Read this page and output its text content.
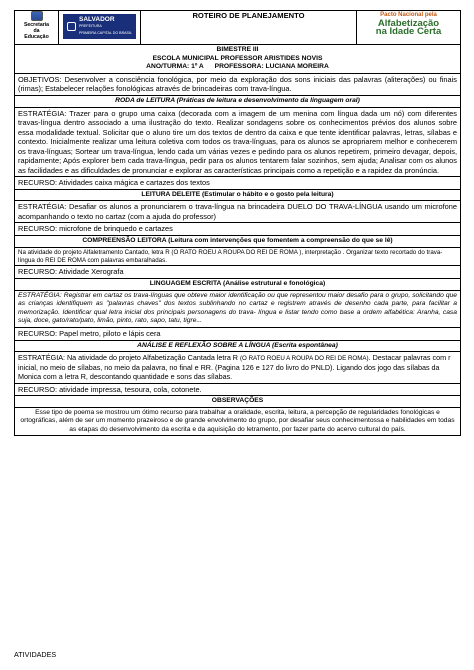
Secretaria
da
Educação

SALVADOR
PREFEITURA
PRIMEIRA CAPITAL DO BRASIL

ROTEIRO DE PLANEJAMENTO	Pacto Nacional pela
Alfabetização
na Idade Certa

BIMESTRE III
ESCOLA MUNICIPAL PROFESSOR ARISTIDES NOVIS
ANO/TURMA: 1º A      PROFESSORA: LUCIANA MOREIRA

OBJETIVOS: Desenvolver a consciência fonológica, por meio da exploração dos sons iniciais das palavras (aliterações) ou finais (rimas); Estabelecer relações fonológicas através de brincadeiras com trava-língua.
RODA de LEITURA (Práticas de leitura e desenvolvimento da linguagem oral)
ESTRATÉGIA: Trazer para o grupo uma caixa (decorada com a imagem de um menina com língua dada um nó) com diferentes travas-língua dentro associado a uma ilustração do texto. Realizar sondagens sobre os conhecimentos prévios dos alunos sobre essa modalidade textual. Solicitar que o aluno tire um dos textos de dentro da caixa e que tente identificar palavras, letras, sílabas e contexto. Inicialmente realizar uma leitura coletiva com todos os trava-línguas, para os alunos se apropriarem melhor e conhecerem os trava-línguas; Sortear um trava-língua, lendo cada um várias vezes e pedindo para os alunos repetirem, primeiro devagar, depois, rapidamente; Após explorer bem cada trava-língua, pedir para os alunos tentarem falar sozinhos, sem ajuda; Analisar com os alunos as facilidades e as dificuldades de pronunciar e explorar as características principais como a repetição e a rapidez da pronúncia.
RECURSO: Atividades caixa mágica e cartazes dos textos
LEITURA DELEITE (Estimular o hábito e o gosto pela leitura)
ESTRATÉGIA: Desafiar os alunos a pronunciarem o trava-língua na brincadeira DUELO DO TRAVA-LÍNGUA usando um microfone acompanhando o texto no cartaz (com a ajuda do professor)
RECURSO: microfone de brinquedo e cartazes
COMPREENSÃO LEITORA (Leitura com intervenções que fomentem a compreensão do que se lê)
Na atividade do projeto Alfaletramento Cantado, letra R (O RATO ROEU A ROUPA DO REI DE ROMA ), interpretação . Organizar texto recortado do trava-língua do REI DE ROMA com palavras embaralhadas.
RECURSO: Atividade Xerografa
LINGUAGEM ESCRITA (Análise estrutural e fonológica)
ESTRATÉGIA: Registrar em cartaz os trava-línguas que obteve maior identificação ou que representou maior desafio para o grupo, solicitando que as crianças identifiquem as "palavras chaves" dos textos sublinhando no cartaz e registrem através de desenho cada parte, para facilitar a memorização. Identificar qual letra inicial dos principais personagens do trava- língua e listar tendo como base a ordem alfabética: Aranha, casa suja, doce, gato/rato/pato, limão, pinto, rato, sapo, tatu, tigre...
RECURSO: Papel metro, piloto e lápis cera
ANÁLISE E REFLEXÃO SOBRE A LÍNGUA (Escrita espontânea)
ESTRATÉGIA: Na atividade do projeto Alfabetização Cantada letra R (O RATO ROEU A ROUPA DO REI DE ROMA). Destacar palavras com r inicial, no meio de sílabas, no meio da palavra, no final e RR. (Pagina 126 e 127 do livro do PNLD). Ligando dos jogo das sílabas da Monica com a letra R, descontando quantidade e sons das sílabas.
RECURSO: atividade impressa, tesoura, cola, cotonete.
OBSERVAÇÕES
Esse tipo de poema se mostrou um ótimo recurso para trabalhar a oralidade, escrita, leitura, a percepção de regularidades fonológicas e ortográficas, além de ser um momento prazeiroso e de grande envolvimento do grupo, por desafiar seus conhecimentossa e habilidades em todas as etapas do desenvolvimento da escrita e da aquisição do letramento, por fazer parte do acervo cultural do país.
ATIVIDADES
